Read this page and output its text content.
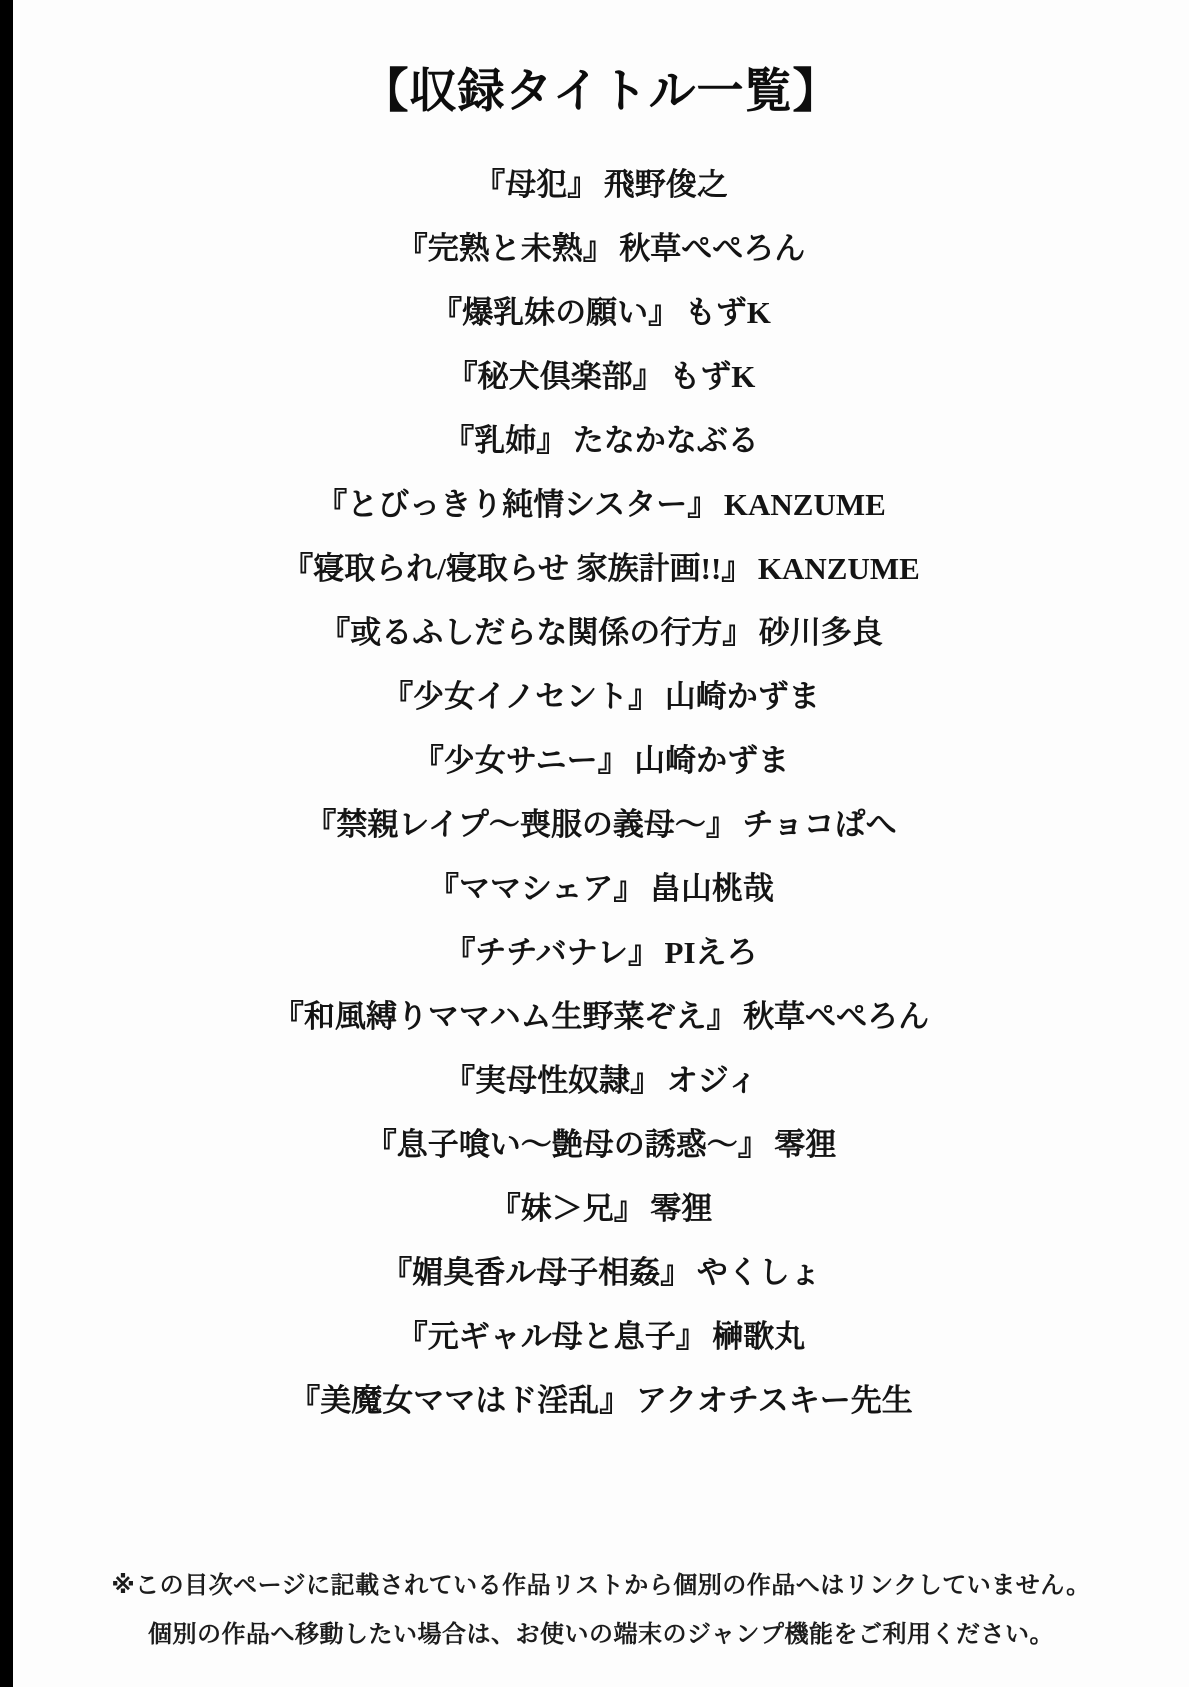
【収録タイトル一覧】

『母犯』 飛野俊之

『完熟と未熟』 秋草ぺぺろん

『爆乳妹の願い』 もずK

『秘犬倶楽部』 もずK

『乳姉』 たなかなぶる

『とびっきり純情シスター』 KANZUME

『寝取られ/寝取らせ 家族計画!!』 KANZUME

『或るふしだらな関係の行方』 砂川多良

『少女イノセント』 山崎かずま

『少女サニー』 山崎かずま

『禁親レイプ～喪服の義母～』 チョコぱへ

『ママシェア』 畠山桃哉

『チチバナレ』 PIえろ

『和風縛りママハム生野菜ぞえ』 秋草ぺぺろん

『実母性奴隷』 オジィ

『息子喰い～艶母の誘惑～』 零狸

『妹＞兄』 零狸

『媚臭香ル母子相姦』 やくしょ

『元ギャル母と息子』 榊歌丸

『美魔女ママはド淫乱』 アクオチスキー先生

※この目次ページに記載されている作品リストから個別の作品へはリンクしていません。

個別の作品へ移動したい場合は、お使いの端末のジャンプ機能をご利用ください。
